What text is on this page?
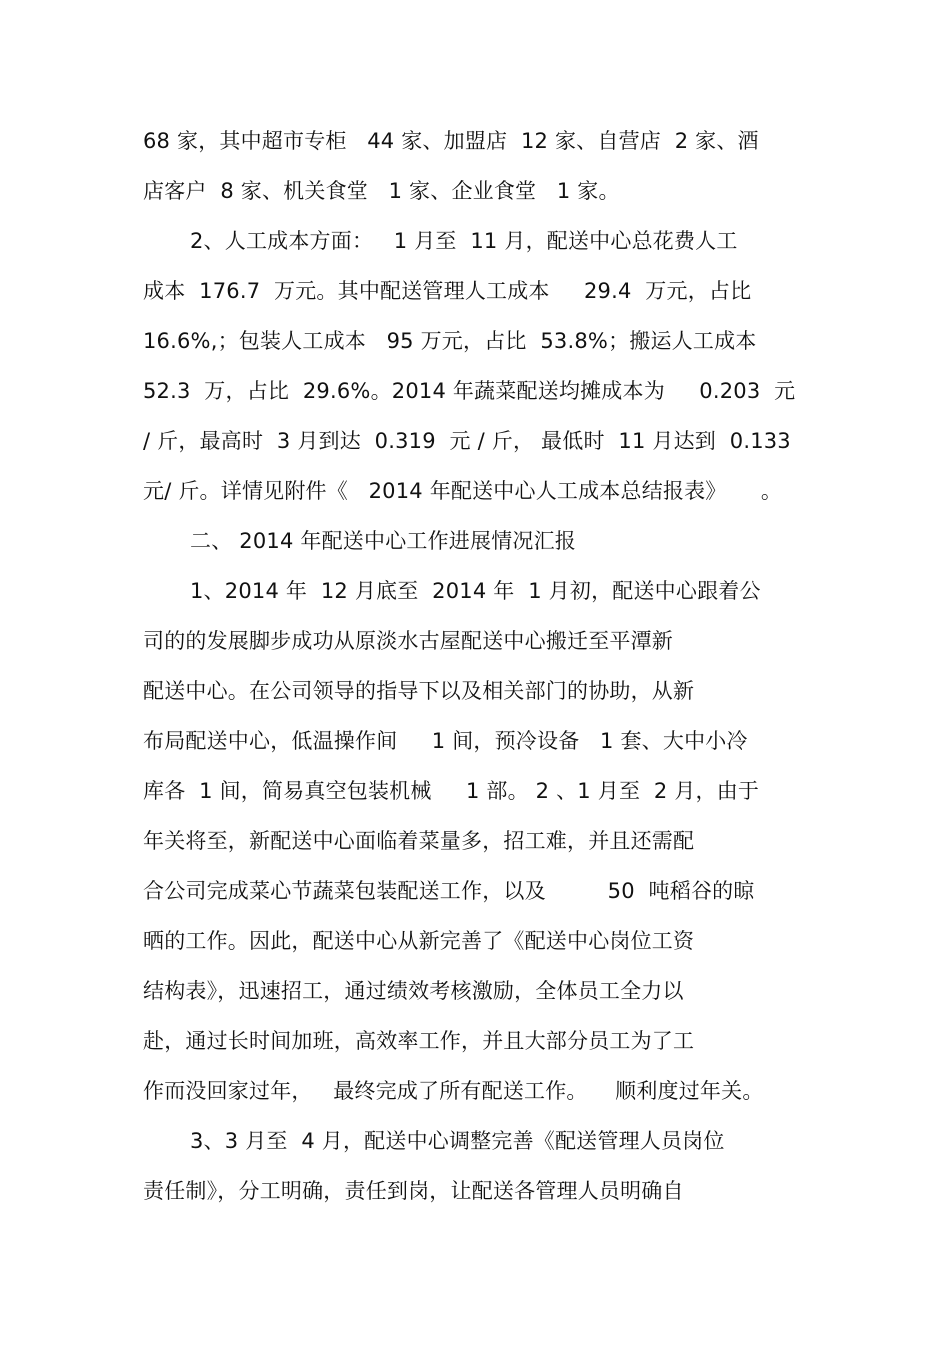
68 家，其中超市专柜   44 家、加盟店  12 家、自营店  2 家、酒
店客户  8 家、机关食堂   1 家、企业食堂   1 家。
2、人工成本方面：   1 月至  11 月，配送中心总花费人工
成本  176.7  万元。其中配送管理人工成本     29.4  万元，占比
16.6%,；包装人工成本   95 万元，占比  53.8%；搬运人工成本
52.3  万，占比  29.6%。2014 年蔬菜配送均摊成本为     0.203  元
/ 斤，最高时  3 月到达  0.319  元 / 斤， 最低时  11 月达到  0.133
元/ 斤。详情见附件《   2014 年配送中心人工成本总结报表》     。
二、 2014 年配送中心工作进展情况汇报
1、2014 年  12 月底至  2014 年  1 月初，配送中心跟着公
司的的发展脚步成功从原淡水古屋配送中心搬迁至平潭新
配送中心。在公司领导的指导下以及相关部门的协助，从新
布局配送中心，低温操作间     1 间，预冷设备   1 套、大中小冷
库各  1 间，简易真空包装机械     1 部。 2 、1 月至  2 月，由于
年关将至，新配送中心面临着菜量多，招工难，并且还需配
合公司完成菜心节蔬菜包装配送工作，以及         50  吨稻谷的晾
晒的工作。因此，配送中心从新完善了《配送中心岗位工资
结构表》，迅速招工，通过绩效考核激励，全体员工全力以
赴，通过长时间加班，高效率工作，并且大部分员工为了工
作而没回家过年，   最终完成了所有配送工作。    顺利度过年关。
3、3 月至  4 月，配送中心调整完善《配送管理人员岗位
责任制》，分工明确，责任到岗，让配送各管理人员明确自
